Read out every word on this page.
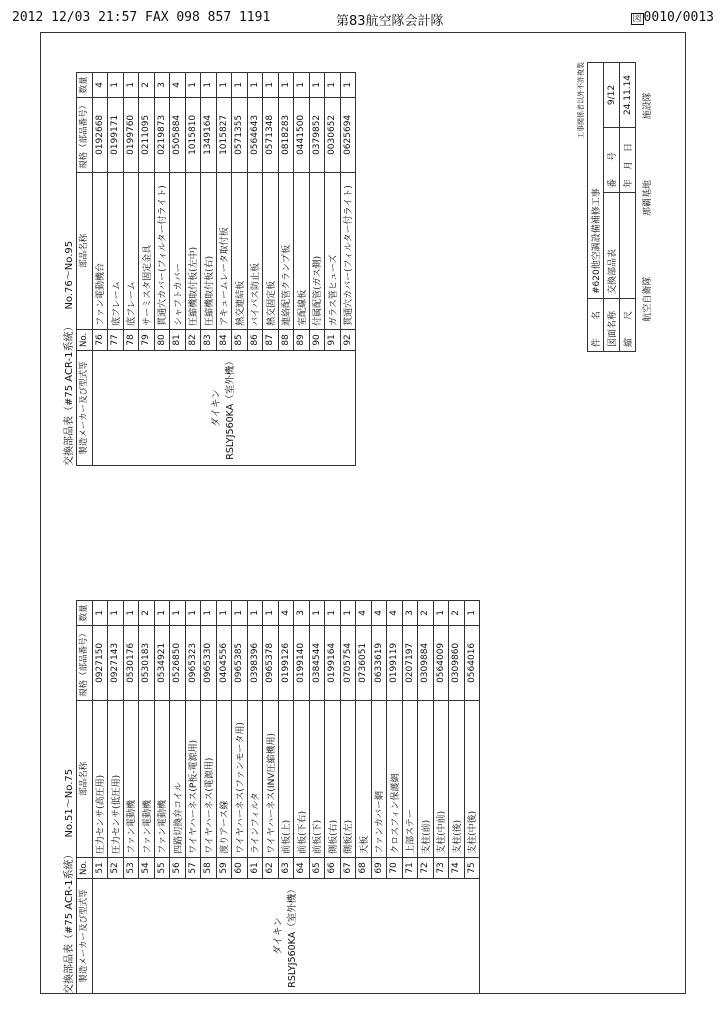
2012 12/03 21:57 FAX 098 857 1191	第83航空隊会計隊	図 0010/0013
交換部品表（#75 ACR-1系統）
No.51～No.75
製造メーカー及び型式等	No.	部品名称	規格（部品番号）	数量

ダイキン RSLYJ560KA（室外機）	51	圧力センサ(高圧用)	0927150	1
	52	圧力センサ(低圧用)	0927143	1
	53	ファン電動機	0530176	1
	54	ファン電動機	0530183	2
	55	ファン電動機	0534921	1
	56	四路切換弁コイル	0526850	1
	57	ワイヤハーネス(P板-電源用)	0965323	1
	58	ワイヤハーネス(電源用)	0965330	1
	59	渡りアース線	0404556	1
	60	ワイヤハーネス(ファンモータ用)	0965385	1
	61	ラインフィルタ	0398396	1
	62	ワイヤハーネス(INV圧縮機用)	0965378	1
	63	前板(上)	0199126	4
	64	前板(下右)	0199140	3
	65	前板(下)	0384544	1
	66	側板(右)	0199164	1
	67	側板(左)	0705754	1
	68	天板	0736051	4
	69	ファンカバー網	0633619	4
	70	クロスフィン保護網	0199119	4
	71	上部ステー	0207197	3
	72	支柱(前)	0309884	2
	73	支柱(中前)	0564009	1
	74	支柱(後)	0309860	2
	75	支柱(中後)	0564016	1
交換部品表（#75 ACR-1系統）
No.76～No.95
製造メーカー及び型式等	No.	部品名称	規格（部品番号）	数量

ダイキン RSLYJ560KA（室外機）	76	ファン電動機台	0192668	4
	77	底フレーム	0199171	1
	78	底フレーム	0199760	1
	79	サーミスタ固定金具	0211095	2
	80	貫通穴カバー(フィルター付ライト)	0219873	3
	81	シャフトカバー	0505884	4
	82	圧縮機取付板(左中)	1015810	1
	83	圧縮機取付板(右)	1349164	1
	84	アキュームレータ取付板	1015827	1
	85	熱交連結板	0571355	1
	86	バイパス防止板	0564643	1
	87	熱交固定板	0571348	1
	88	連絡配管クランプ板	0818283	1
	89	室配線板	0441500	1
	90	付属配管(ガス側)	0379852	1
	91	ガラス管ヒューズ	0030652	1
	92	貫通穴カバー(フィルター付ライト)	0625694	1	工事関係者以外不許複製
件　　名	#620他空調設備補修工事		
図面名称	交換部品表	番　　号	9/12
縮　　尺		年　月　日	24.11.14
航空自衛隊
那覇基地
施設隊
